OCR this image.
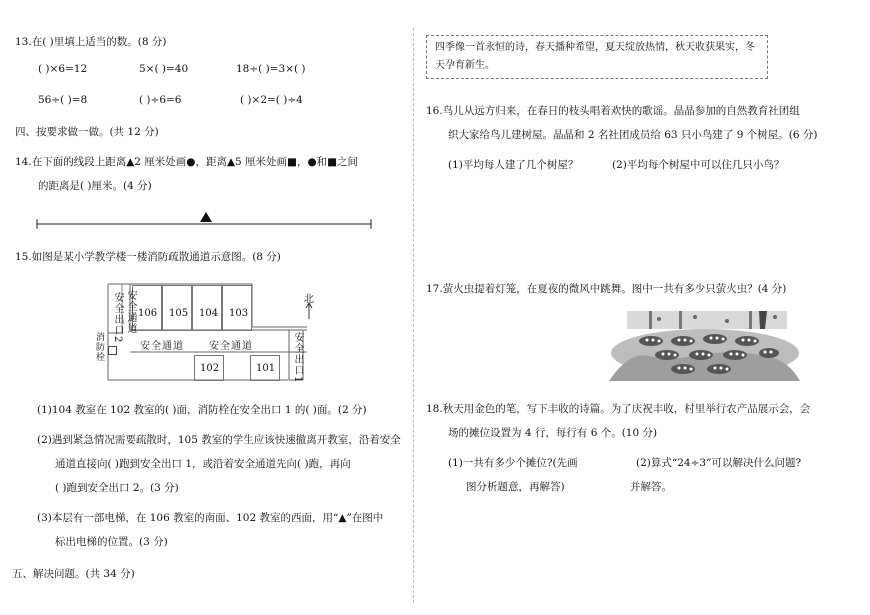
13.在( )里填上适当的数。(8 分)
( )×6=12	5×( )=40	18÷( )=3×( )
56÷( )=8	( )÷6=6	( )×2=( )÷4
四、按要求做一做。(共 12 分)
14.在下面的线段上距离▲2 厘米处画●，距离▲5 厘米处画■，●和■之间
的距离是( )厘米。(4 分)
15.如图是某小学教学楼一楼消防疏散通道示意图。(8 分)
106 105 104 103
102	101
安全出口2 安全通道
安全通道	安全通道	安全出口1
消防栓
北
(1)104 教室在 102 教室的( )面，消防栓在安全出口 1 的( )面。(2 分)
(2)遇到紧急情况需要疏散时，105 教室的学生应该快速撤离开教室，沿着安全
通道直接向( )跑到安全出口 1，或沿着安全通道先向( )跑，再向
( )跑到安全出口 2。(3 分)
(3)本层有一部电梯，在 106 教室的南面、102 教室的西面，用“▲”在图中
标出电梯的位置。(3 分)
五、解决问题。(共 34 分)
四季像一首永恒的诗，春天播种希望，夏天绽放热情，秋天收获果实，冬天孕育新生。
16.鸟儿从远方归来，在春日的枝头唱着欢快的歌谣。晶晶参加的自然教育社团组
织大家给鸟儿建树屋。晶晶和 2 名社团成员给 63 只小鸟建了 9 个树屋。(6 分)
(1)平均每人建了几个树屋？	(2)平均每个树屋中可以住几只小鸟？
17.萤火虫提着灯笼，在夏夜的微风中跳舞。图中一共有多少只萤火虫？(4 分)
18.秋天用金色的笔，写下丰收的诗篇。为了庆祝丰收，村里举行农产品展示会，会
场的摊位设置为 4 行，每行有 6 个。(10 分)
(1)一共有多少个摊位?(先画
图分析题意，再解答)
(2)算式“24÷3”可以解决什么问题?
并解答。
